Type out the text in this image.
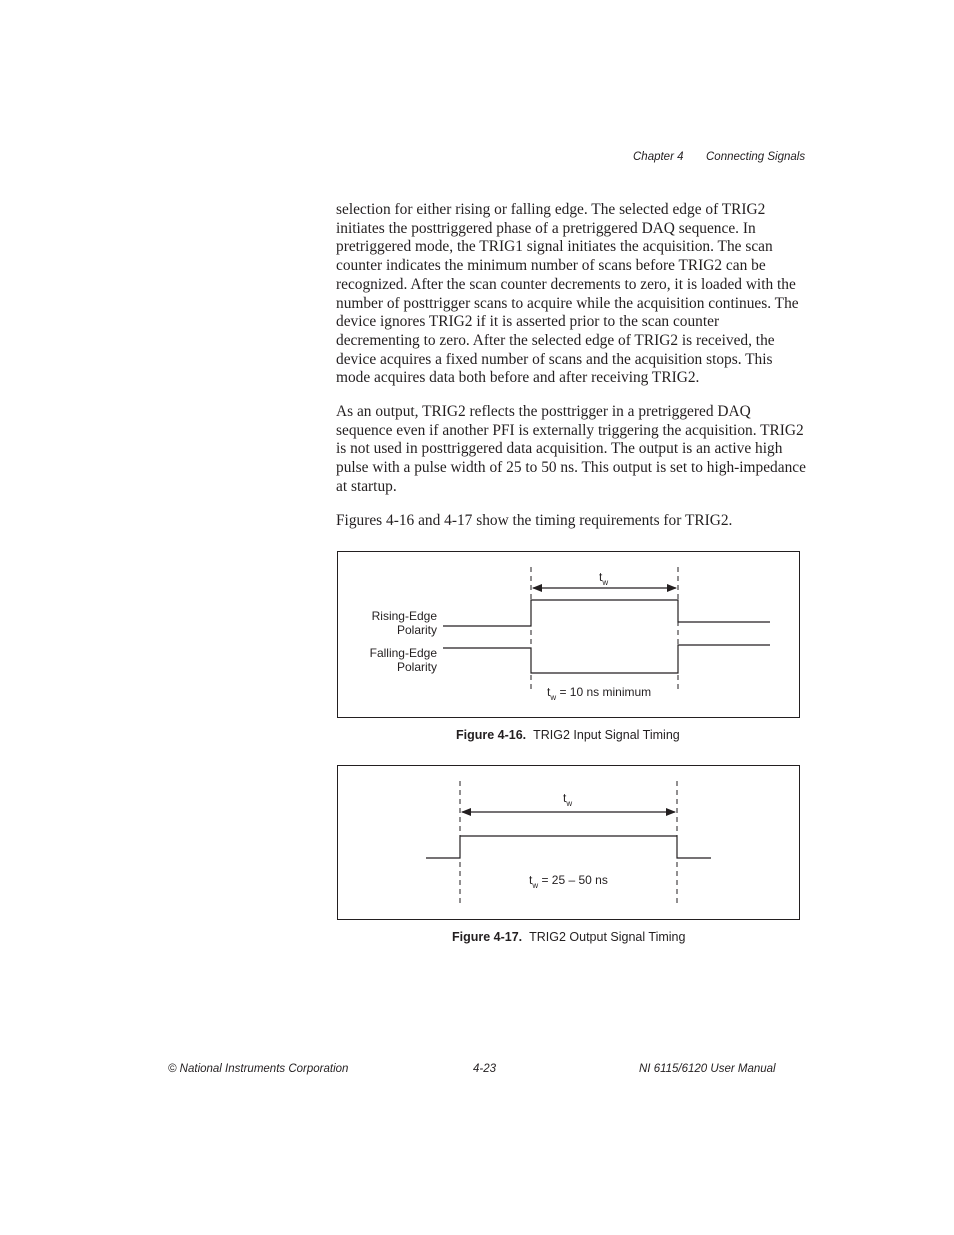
Chapter 4 Connecting Signals

selection for either rising or falling edge. The selected edge of TRIG2 initiates the posttriggered phase of a pretriggered DAQ sequence. In pretriggered mode, the TRIG1 signal initiates the acquisition. The scan counter indicates the minimum number of scans before TRIG2 can be recognized. After the scan counter decrements to zero, it is loaded with the number of posttrigger scans to acquire while the acquisition continues. The device ignores TRIG2 if it is asserted prior to the scan counter decrementing to zero. After the selected edge of TRIG2 is received, the device acquires a fixed number of scans and the acquisition stops. This mode acquires data both before and after receiving TRIG2.

As an output, TRIG2 reflects the posttrigger in a pretriggered DAQ sequence even if another PFI is externally triggering the acquisition. TRIG2 is not used in posttriggered data acquisition. The output is an active high pulse with a pulse width of 25 to 50 ns. This output is set to high-impedance at startup.

Figures 4-16 and 4-17 show the timing requirements for TRIG2.

$t_w$
Rising-Edge
Polarity
Falling-Edge
Polarity
$t_w = 10$ ns minimum
Figure 4-16. TRIG2 Input Signal Timing
$t_w$
$t_w = 25 - 50$ ns
Figure 4-17. TRIG2 Output Signal Timing
© National Instruments Corporation	4-23	NI 6115/6120 User Manual
